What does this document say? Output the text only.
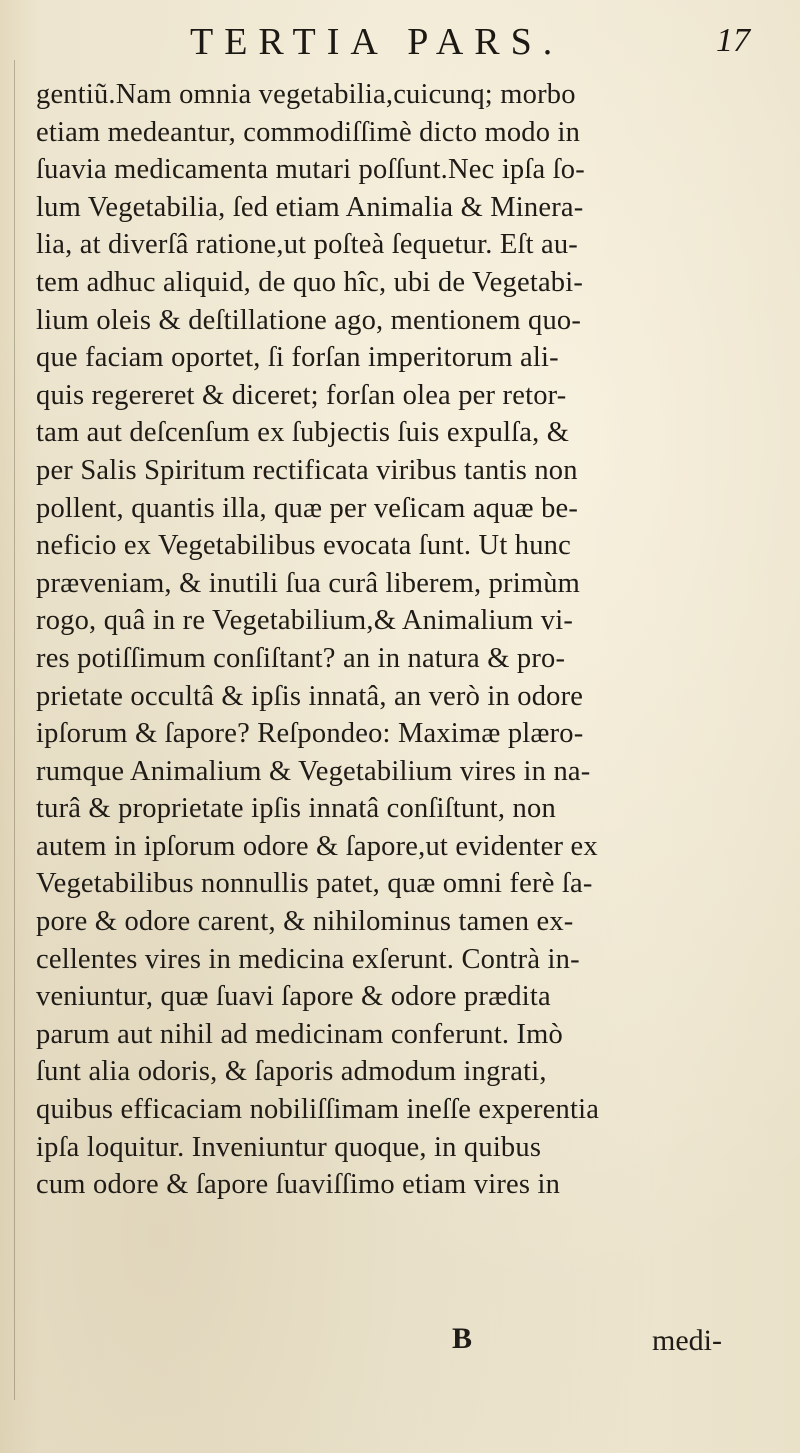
TERTIA PARS.	17
gentiũ.Nam omnia vegetabilia,cuicunq; morbo
etiam medeantur, commodiſſimè dicto modo in
ſuavia medicamenta mutari poſſunt.Nec ipſa ſo-
lum Vegetabilia, ſed etiam Animalia & Minera-
lia, at diverſâ ratione,ut poſteà ſequetur. Eſt au-
tem adhuc aliquid, de quo hîc, ubi de Vegetabi-
lium oleis & deſtillatione ago, mentionem quo-
que faciam oportet, ſi forſan imperitorum ali-
quis regereret & diceret; forſan olea per retor-
tam aut deſcenſum ex ſubjectis ſuis expulſa, &
per Salis Spiritum rectificata viribus tantis non
pollent, quantis illa, quæ per veſicam aquæ be-
neficio ex Vegetabilibus evocata ſunt. Ut hunc
præveniam, & inutili ſua curâ liberem, primùm
rogo, quâ in re Vegetabilium,& Animalium vi-
res potiſſimum conſiſtant? an in natura & pro-
prietate occultâ & ipſis innatâ, an verò in odore
ipſorum & ſapore? Reſpondeo: Maximæ plæro-
rumque Animalium & Vegetabilium vires in na-
turâ & proprietate ipſis innatâ conſiſtunt, non
autem in ipſorum odore & ſapore,ut evidenter ex
Vegetabilibus nonnullis patet, quæ omni ferè ſa-
pore & odore carent, & nihilominus tamen ex-
cellentes vires in medicina exſerunt. Contrà in-
veniuntur, quæ ſuavi ſapore & odore prædita
parum aut nihil ad medicinam conferunt. Imò
ſunt alia odoris, & ſaporis admodum ingrati,
quibus efficaciam nobiliſſimam ineſſe experentia
ipſa loquitur. Inveniuntur quoque, in quibus
cum odore & ſapore ſuaviſſimo etiam vires in
B	medi-
